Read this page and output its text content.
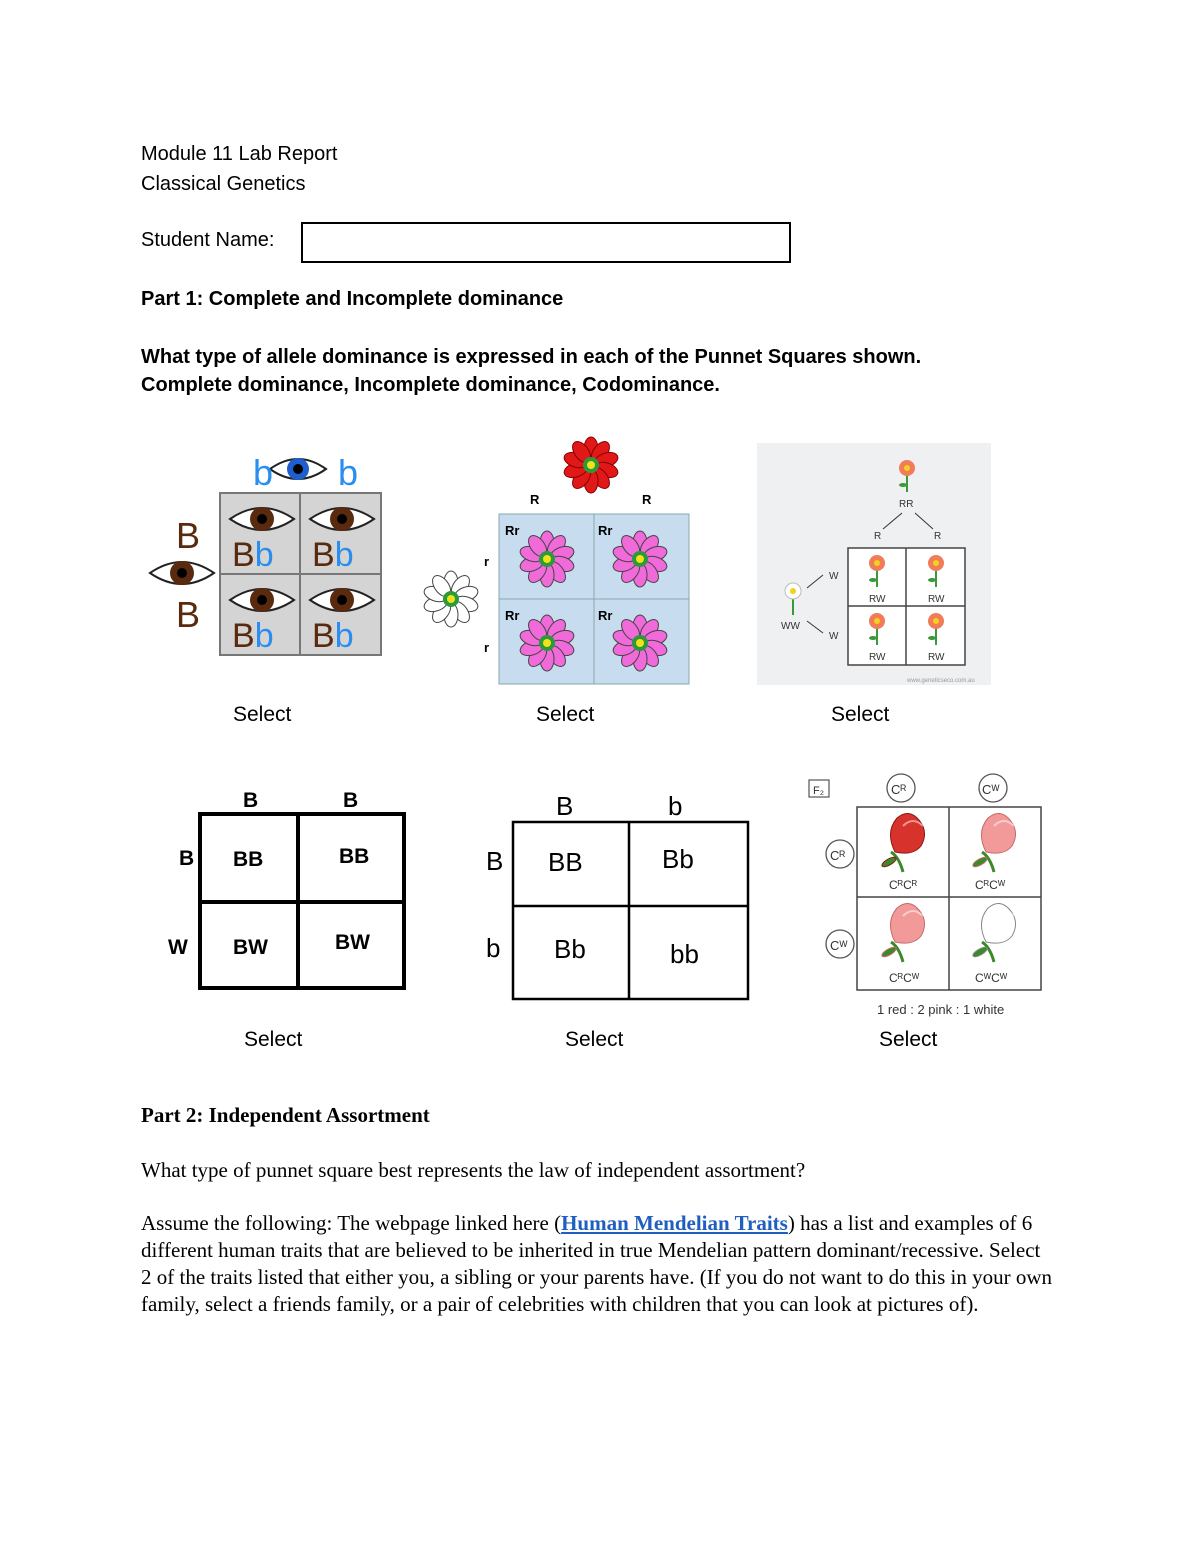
Module 11 Lab Report
Classical Genetics
Student Name:
Part 1: Complete and Incomplete dominance
What type of allele dominance is expressed in each of the Punnet Squares shown.
Complete dominance, Incomplete dominance, Codominance.
b b
B
B
Bb Bb
Bb Bb
R	R
r
r
Rr	Rr
Rr	Rr
RR
R	R
WW
W
W
RW	RW
RW	RW
www.geneticseco.com.au
Select	Select	Select
B	B
B
W
BB	BB
BW	BW
B	b
B
b
BB	Bb
Bb	bb
F₂	Cᴿ	Cᵂ
Cᴿ
Cᵂ
CᴿCᴿ	CᴿCᵂ
CᴿCᵂ	CᵂCᵂ
1 red : 2 pink : 1 white
Select	Select	Select
Part 2: Independent Assortment
What type of punnet square best represents the law of independent assortment?
Assume the following: The webpage linked here (Human Mendelian Traits) has a list and examples of 6 different human traits that are believed to be inherited in true Mendelian pattern dominant/recessive. Select 2 of the traits listed that either you, a sibling or your parents have. (If you do not want to do this in your own family, select a friends family, or a pair of celebrities with children that you can look at pictures of).
